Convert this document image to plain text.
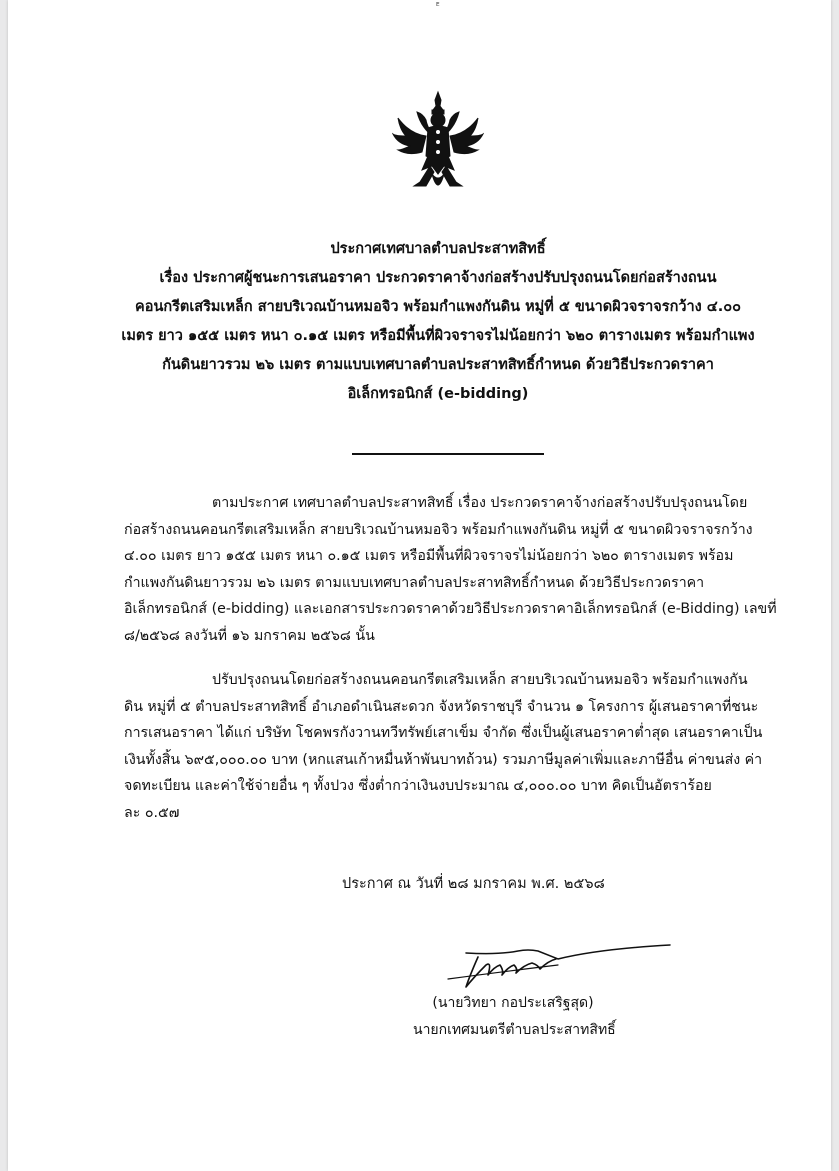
ᴱ
ประกาศเทศบาลตำบลประสาทสิทธิ์
เรื่อง ประกาศผู้ชนะการเสนอราคา ประกวดราคาจ้างก่อสร้างปรับปรุงถนนโดยก่อสร้างถนน
คอนกรีตเสริมเหล็ก สายบริเวณบ้านหมอจิว พร้อมกำแพงกันดิน หมู่ที่ ๕ ขนาดผิวจราจรกว้าง ๔.๐๐
เมตร ยาว ๑๕๕ เมตร หนา ๐.๑๕ เมตร หรือมีพื้นที่ผิวจราจรไม่น้อยกว่า ๖๒๐ ตารางเมตร พร้อมกำแพง
กันดินยาวรวม ๒๖ เมตร ตามแบบเทศบาลตำบลประสาทสิทธิ์กำหนด ด้วยวิธีประกวดราคา
อิเล็กทรอนิกส์ (e-bidding)

ตามประกาศ เทศบาลตำบลประสาทสิทธิ์ เรื่อง ประกวดราคาจ้างก่อสร้างปรับปรุงถนนโดย
ก่อสร้างถนนคอนกรีตเสริมเหล็ก สายบริเวณบ้านหมอจิว พร้อมกำแพงกันดิน หมู่ที่ ๕ ขนาดผิวจราจรกว้าง
๔.๐๐ เมตร ยาว ๑๕๕ เมตร หนา ๐.๑๕ เมตร หรือมีพื้นที่ผิวจราจรไม่น้อยกว่า ๖๒๐ ตารางเมตร พร้อม
กำแพงกันดินยาวรวม ๒๖ เมตร ตามแบบเทศบาลตำบลประสาทสิทธิ์กำหนด ด้วยวิธีประกวดราคา
อิเล็กทรอนิกส์ (e-bidding) และเอกสารประกวดราคาด้วยวิธีประกวดราคาอิเล็กทรอนิกส์ (e-Bidding) เลขที่
๘/๒๕๖๘ ลงวันที่ ๑๖ มกราคม ๒๕๖๘ นั้น

ปรับปรุงถนนโดยก่อสร้างถนนคอนกรีตเสริมเหล็ก สายบริเวณบ้านหมอจิว พร้อมกำแพงกัน
ดิน หมู่ที่ ๕ ตำบลประสาทสิทธิ์ อำเภอดำเนินสะดวก จังหวัดราชบุรี จำนวน ๑ โครงการ ผู้เสนอราคาที่ชนะ
การเสนอราคา ได้แก่ บริษัท โชคพรกังวานทวีทรัพย์เสาเข็ม จำกัด ซึ่งเป็นผู้เสนอราคาต่ำสุด เสนอราคาเป็น
เงินทั้งสิ้น ๖๙๕,๐๐๐.๐๐ บาท (หกแสนเก้าหมื่นห้าพันบาทถ้วน) รวมภาษีมูลค่าเพิ่มและภาษีอื่น ค่าขนส่ง ค่า
จดทะเบียน และค่าใช้จ่ายอื่น ๆ ทั้งปวง ซึ่งต่ำกว่าเงินงบประมาณ ๔,๐๐๐.๐๐ บาท คิดเป็นอัตราร้อย
ละ ๐.๕๗

ประกาศ ณ วันที่ ๒๘ มกราคม พ.ศ. ๒๕๖๘
(นายวิทยา กอประเสริฐสุด)
นายกเทศมนตรีตำบลประสาทสิทธิ์
